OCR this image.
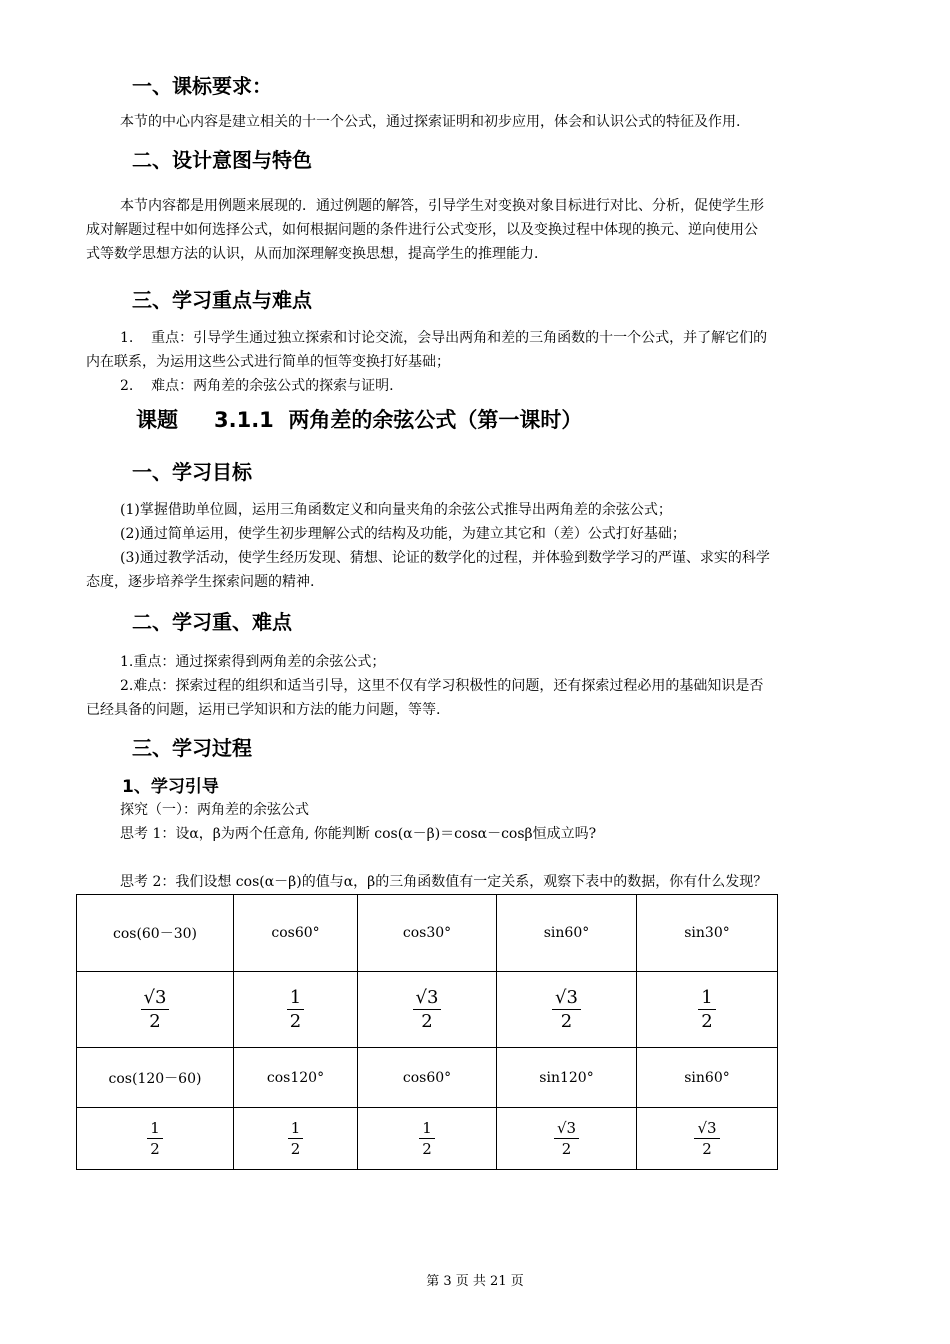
一、课标要求：
本节的中心内容是建立相关的十一个公式，通过探索证明和初步应用，体会和认识公式的特征及作用.
二、设计意图与特色
本节内容都是用例题来展现的．通过例题的解答，引导学生对变换对象目标进行对比、分析，促使学生形
成对解题过程中如何选择公式，如何根据问题的条件进行公式变形，以及变换过程中体现的换元、逆向使用公
式等数学思想方法的认识，从而加深理解变换思想，提高学生的推理能力．
三、学习重点与难点
1. 重点：引导学生通过独立探索和讨论交流，会导出两角和差的三角函数的十一个公式，并了解它们的
内在联系，为运用这些公式进行简单的恒等变换打好基础；
2. 难点：两角差的余弦公式的探索与证明.
课题 3.1.1 两角差的余弦公式（第一课时）
一、学习目标
(1)掌握借助单位圆，运用三角函数定义和向量夹角的余弦公式推导出两角差的余弦公式；
(2)通过简单运用，使学生初步理解公式的结构及功能，为建立其它和（差）公式打好基础；
(3)通过教学活动，使学生经历发现、猜想、论证的数学化的过程，并体验到数学学习的严谨、求实的科学
态度，逐步培养学生探索问题的精神.
二、学习重、难点
1.重点：通过探索得到两角差的余弦公式；
2.难点：探索过程的组织和适当引导，这里不仅有学习积极性的问题，还有探索过程必用的基础知识是否
已经具备的问题，运用已学知识和方法的能力问题，等等.
三、学习过程
1、学习引导
探究（一）：两角差的余弦公式
思考 1：设α，β为两个任意角, 你能判断 cos(α－β)＝cosα－cosβ恒成立吗?
思考 2：我们设想 cos(α－β)的值与α，β的三角函数值有一定关系，观察下表中的数据，你有什么发现？
cos(60－30)	cos60°	cos30°	sin60°	sin30°

$\frac{√3}{2}$	$\frac{1}{2}$	$\frac{√3}{2}$	$\frac{√3}{2}$	$\frac{1}{2}$

cos(120－60)	cos120°	cos60°	sin120°	sin60°

$\frac{1}{2}$	$\frac{1}{2}$	$\frac{1}{2}$	$\frac{√3}{2}$	$\frac{√3}{2}$
第 3 页 共 21 页
